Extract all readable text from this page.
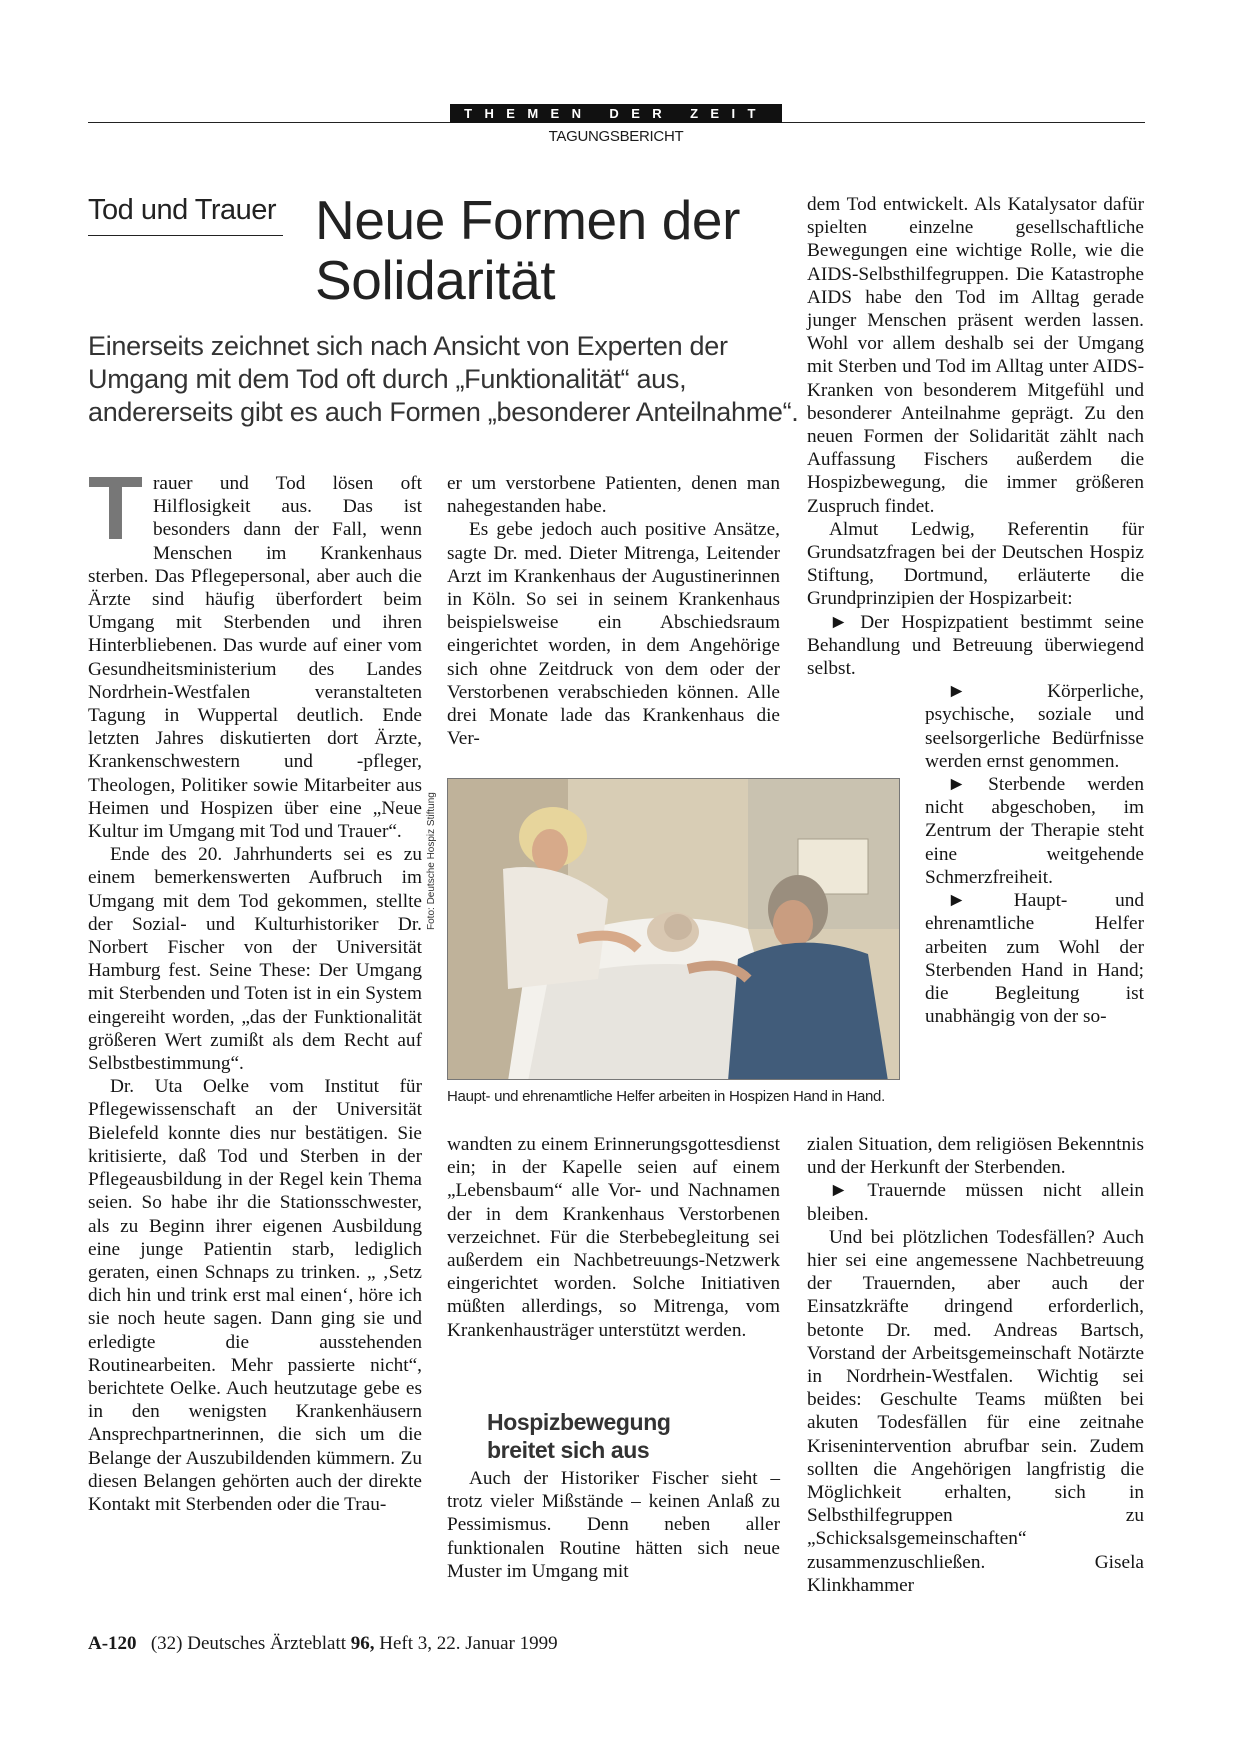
THEMEN DER ZEIT
TAGUNGSBERICHT
Tod und Trauer Neue Formen der
Solidarität
Einerseits zeichnet sich nach Ansicht von Experten der
Umgang mit dem Tod oft durch „Funktionalität“ aus,
andererseits gibt es auch Formen „besonderer Anteilnahme“.

Trauer und Tod lösen oft Hilflosigkeit aus. Das ist besonders dann der Fall, wenn Menschen im Krankenhaus sterben. Das Pflegepersonal, aber auch die Ärzte sind häufig überfordert beim Umgang mit Sterbenden und ihren Hinterbliebenen. Das wurde auf einer vom Gesundheitsministerium des Landes Nordrhein-Westfalen veranstalteten Tagung in Wuppertal deutlich. Ende letzten Jahres diskutierten dort Ärzte, Krankenschwestern und -pfleger, Theologen, Politiker sowie Mitarbeiter aus Heimen und Hospizen über eine „Neue Kultur im Umgang mit Tod und Trauer“.

Ende des 20. Jahrhunderts sei es zu einem bemerkenswerten Aufbruch im Umgang mit dem Tod gekommen, stellte der Sozial- und Kulturhistoriker Dr. Norbert Fischer von der Universität Hamburg fest. Seine These: Der Umgang mit Sterbenden und Toten ist in ein System eingereiht worden, „das der Funktionalität größeren Wert zumißt als dem Recht auf Selbstbestimmung“.

Dr. Uta Oelke vom Institut für Pflegewissenschaft an der Universität Bielefeld konnte dies nur bestätigen. Sie kritisierte, daß Tod und Sterben in der Pflegeausbildung in der Regel kein Thema seien. So habe ihr die Stationsschwester, als zu Beginn ihrer eigenen Ausbildung eine junge Patientin starb, lediglich geraten, einen Schnaps zu trinken. „ ‚Setz dich hin und trink erst mal einen‘, höre ich sie noch heute sagen. Dann ging sie und erledigte die ausstehenden Routinearbeiten. Mehr passierte nicht“, berichtete Oelke. Auch heutzutage gebe es in den wenigsten Krankenhäusern Ansprechpartnerinnen, die sich um die Belange der Auszubildenden kümmern. Zu diesen Belangen gehörten auch der direkte Kontakt mit Sterbenden oder die Trau-

er um verstorbene Patienten, denen man nahegestanden habe.

Es gebe jedoch auch positive Ansätze, sagte Dr. med. Dieter Mitrenga, Leitender Arzt im Krankenhaus der Augustinerinnen in Köln. So sei in seinem Krankenhaus beispielsweise ein Abschiedsraum eingerichtet worden, in dem Angehörige sich ohne Zeitdruck von dem oder der Verstorbenen verabschieden können. Alle drei Monate lade das Krankenhaus die Ver-

Foto: Deutsche Hospiz Stiftung
Haupt- und ehrenamtliche Helfer arbeiten in Hospizen Hand in Hand.

wandten zu einem Erinnerungsgottesdienst ein; in der Kapelle seien auf einem „Lebensbaum“ alle Vor- und Nachnamen der in dem Krankenhaus Verstorbenen verzeichnet. Für die Sterbebegleitung sei außerdem ein Nachbetreuungs-Netzwerk eingerichtet worden. Solche Initiativen müßten allerdings, so Mitrenga, vom Krankenhausträger unterstützt werden.

Hospizbewegung
breitet sich aus

Auch der Historiker Fischer sieht – trotz vieler Mißstände – keinen Anlaß zu Pessimismus. Denn neben aller funktionalen Routine hätten sich neue Muster im Umgang mit

dem Tod entwickelt. Als Katalysator dafür spielten einzelne gesellschaftliche Bewegungen eine wichtige Rolle, wie die AIDS-Selbsthilfegruppen. Die Katastrophe AIDS habe den Tod im Alltag gerade junger Menschen präsent werden lassen. Wohl vor allem deshalb sei der Umgang mit Sterben und Tod im Alltag unter AIDS-Kranken von besonderem Mitgefühl und besonderer Anteilnahme geprägt. Zu den neuen Formen der Solidarität zählt nach Auffassung Fischers außerdem die Hospizbewegung, die immer größeren Zuspruch findet.

Almut Ledwig, Referentin für Grundsatzfragen bei der Deutschen Hospiz Stiftung, Dortmund, erläuterte die Grundprinzipien der Hospizarbeit:

► Der Hospizpatient bestimmt seine Behandlung und Betreuung überwiegend selbst.

► Körperliche, psychische, soziale und seelsorgerliche Bedürfnisse werden ernst genommen.

► Sterbende werden nicht abgeschoben, im Zentrum der Therapie steht eine weitgehende Schmerzfreiheit.

► Haupt- und ehrenamtliche Helfer arbeiten zum Wohl der Sterbenden Hand in Hand; die Begleitung ist unabhängig von der so-

zialen Situation, dem religiösen Bekenntnis und der Herkunft der Sterbenden.

► Trauernde müssen nicht allein bleiben.

Und bei plötzlichen Todesfällen? Auch hier sei eine angemessene Nachbetreuung der Trauernden, aber auch der Einsatzkräfte dringend erforderlich, betonte Dr. med. Andreas Bartsch, Vorstand der Arbeitsgemeinschaft Notärzte in Nordrhein-Westfalen. Wichtig sei beides: Geschulte Teams müßten bei akuten Todesfällen für eine zeitnahe Krisenintervention abrufbar sein. Zudem sollten die Angehörigen langfristig die Möglichkeit erhalten, sich in Selbsthilfegruppen zu „Schicksalsgemeinschaften“ zusammenzuschließen. Gisela Klinkhammer

A-120 (32) Deutsches Ärzteblatt 96, Heft 3, 22. Januar 1999
